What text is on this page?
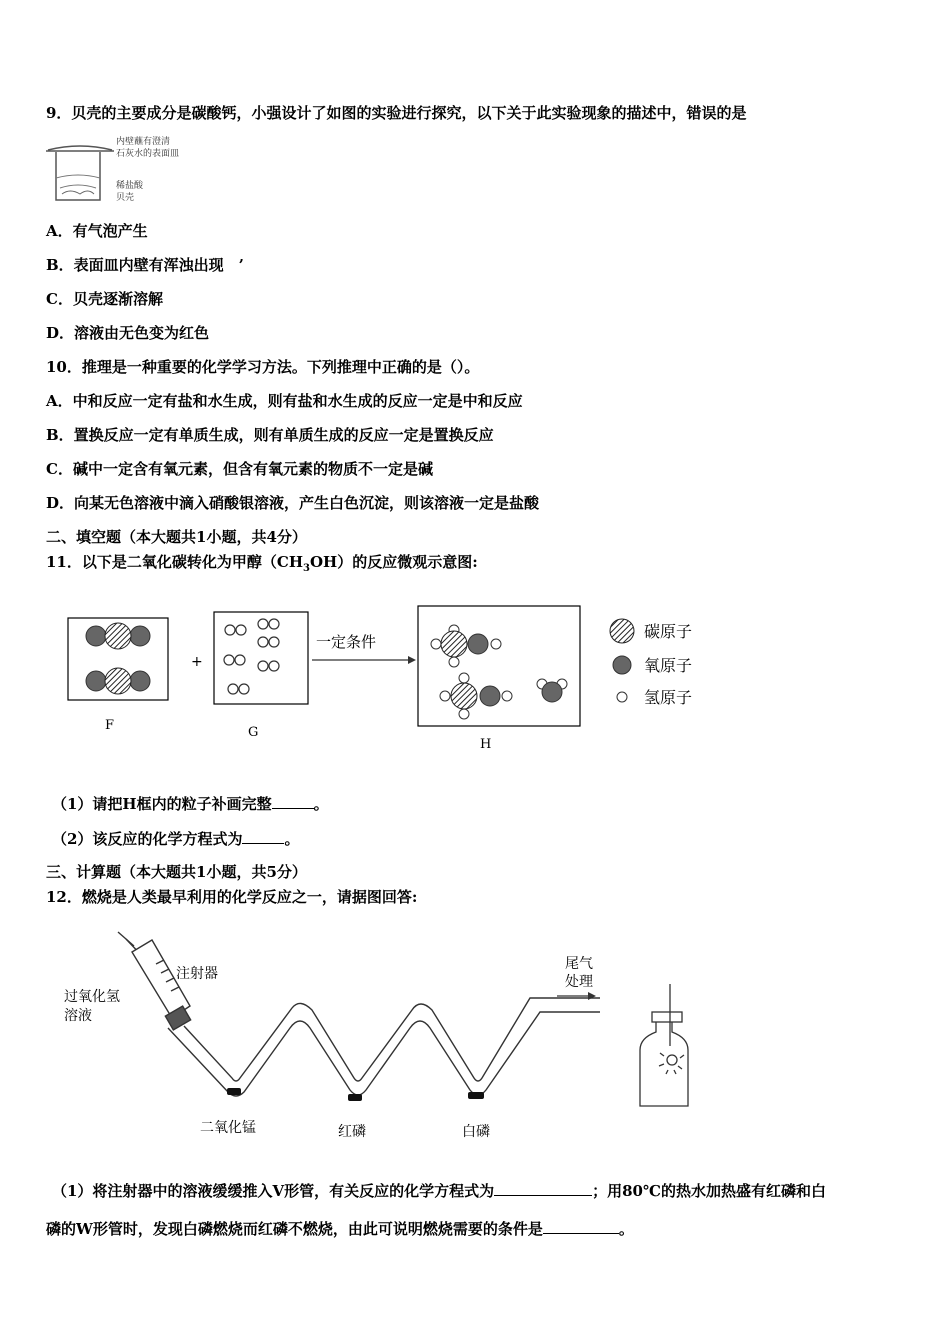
9．贝壳的主要成分是碳酸钙，小强设计了如图的实验进行探究，以下关于此实验现象的描述中，错误的是
内壁蘸有澄清
石灰水的表面皿
稀盐酸
贝壳
A．有气泡产生
B．表面皿内壁有浑浊出现　’
C．贝壳逐渐溶解
D．溶液由无色变为红色
10．推理是一种重要的化学学习方法。下列推理中正确的是（）。
A．中和反应一定有盐和水生成，则有盐和水生成的反应一定是中和反应
B．置换反应一定有单质生成，则有单质生成的反应一定是置换反应
C．碱中一定含有氧元素，但含有氧元素的物质不一定是碱
D．向某无色溶液中滴入硝酸银溶液，产生白色沉淀，则该溶液一定是盐酸
二、填空题（本大题共1小题，共4分）
11．以下是二氧化碳转化为甲醇$(CH_3OH)$的反应微观示意图:
+
一定条件
碳原子
氧原子
氢原子
F	G
H
（1）请把H框内的粒子补画完整	。
（2）该反应的化学方程式为	。
三、计算题（本大题共1小题，共5分）
12．燃烧是人类最早利用的化学反应之一，请据图回答:
注射器
过氧化氢
溶液
尾气
处理
二氧化锰	红磷	白磷
（1）将注射器中的溶液缓缓推入V形管，有关反应的化学方程式为	；用80℃的热水加热盛有红磷和白
磷的W形管时，发现白磷燃烧而红磷不燃烧，由此可说明燃烧需要的条件是	。
